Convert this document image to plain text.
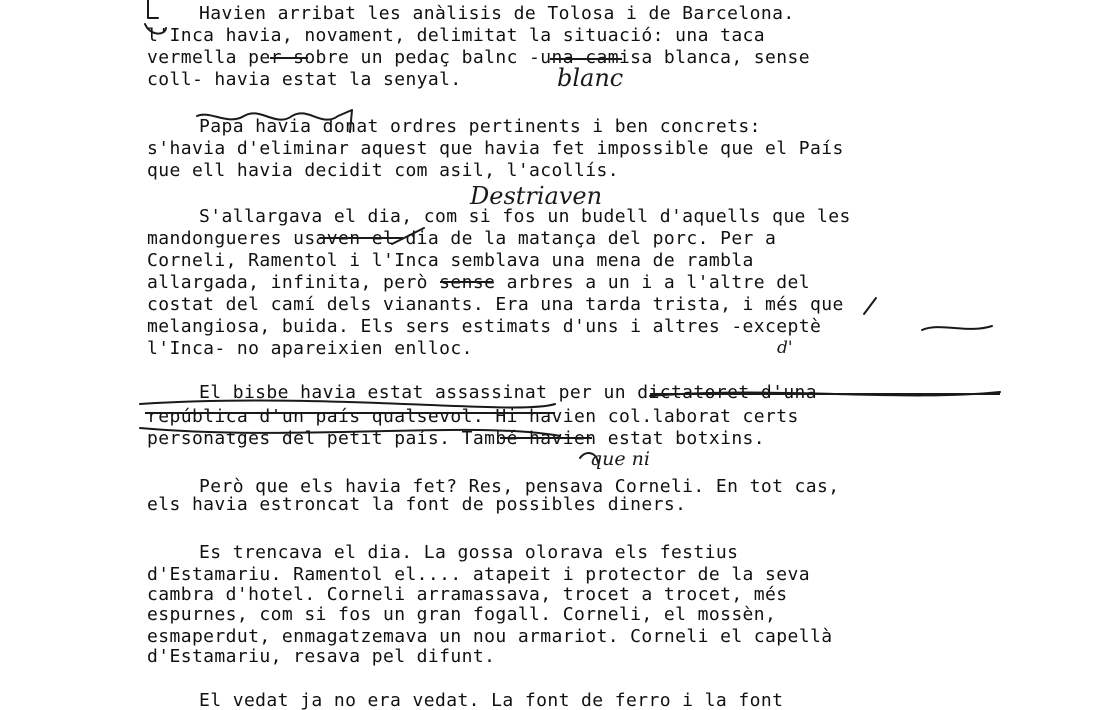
Havien arribat les anàlisis de Tolosa i de Barcelona.

l'Inca havia, novament, delimitat la situació: una taca

vermella per sobre un pedaç balnc -una camisa blanca, sense

coll- havia estat la senyal.

Papa havia donat ordres pertinents i ben concrets:

s'havia d'eliminar aquest que havia fet impossible que el País

que ell havia decidit com asil, l'acollís.

S'allargava el dia, com si fos un budell d'aquells que les

mandongueres usaven el dia de la matança del porc. Per a

Corneli, Ramentol i l'Inca semblava una mena de rambla

allargada, infinita, però sense arbres a un i a l'altre del

costat del camí dels vianants. Era una tarda trista, i més que

melangiosa, buida. Els sers estimats d'uns i altres -exceptè

l'Inca- no apareixien enlloc.

El bisbe havia estat assassinat per un dictatoret d'una

república d'un país qualsevol. Hi havien col.laborat certs

personatges del petit país. També havien estat botxins.

Però que els havia fet? Res, pensava Corneli. En tot cas,

els havia estroncat la font de possibles diners.

Es trencava el dia. La gossa olorava els festius

d'Estamariu. Ramentol el.... atapeit i protector de la seva

cambra d'hotel. Corneli arramassava, trocet a trocet, més

espurnes, com si fos un gran fogall. Corneli, el mossèn,

esmaperdut, enmagatzemava un nou armariot. Corneli el capellà

d'Estamariu, resava pel difunt.

El vedat ja no era vedat. La font de ferro i la font

blanc
Destriaven
d'
que ni
